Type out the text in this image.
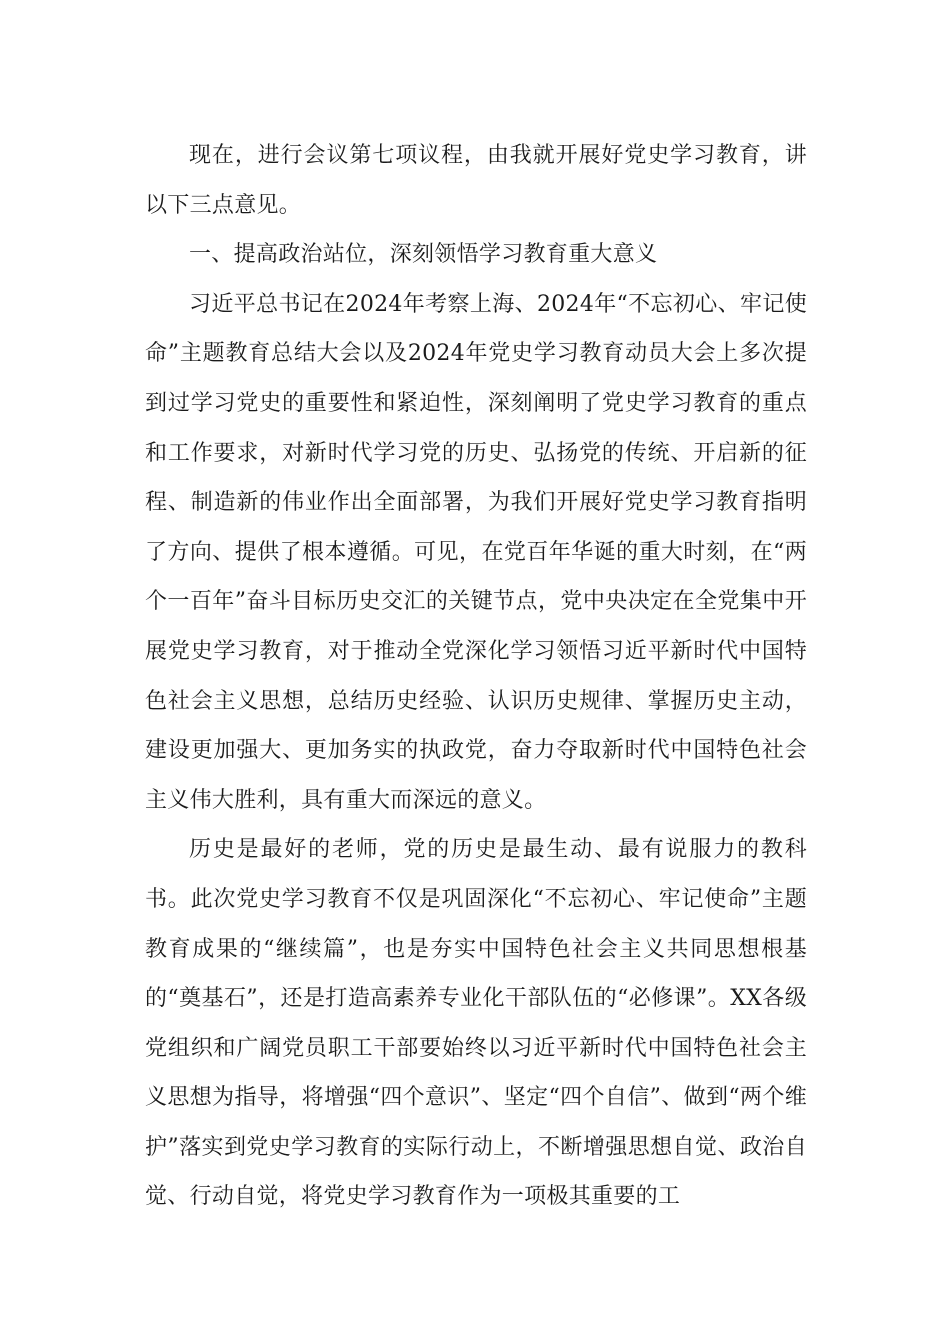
现在，进行会议第七项议程，由我就开展好党史学习教育，讲以下三点意见。

一、提高政治站位，深刻领悟学习教育重大意义

习近平总书记在2024年考察上海、2024年“不忘初心、牢记使命”主题教育总结大会以及2024年党史学习教育动员大会上多次提到过学习党史的重要性和紧迫性，深刻阐明了党史学习教育的重点和工作要求，对新时代学习党的历史、弘扬党的传统、开启新的征程、制造新的伟业作出全面部署，为我们开展好党史学习教育指明了方向、提供了根本遵循。可见，在党百年华诞的重大时刻，在“两个一百年”奋斗目标历史交汇的关键节点，党中央决定在全党集中开展党史学习教育，对于推动全党深化学习领悟习近平新时代中国特色社会主义思想，总结历史经验、认识历史规律、掌握历史主动，建设更加强大、更加务实的执政党，奋力夺取新时代中国特色社会主义伟大胜利，具有重大而深远的意义。

历史是最好的老师，党的历史是最生动、最有说服力的教科书。此次党史学习教育不仅是巩固深化“不忘初心、牢记使命”主题教育成果的“继续篇”，也是夯实中国特色社会主义共同思想根基的“奠基石”，还是打造高素养专业化干部队伍的“必修课”。XX各级党组织和广阔党员职工干部要始终以习近平新时代中国特色社会主义思想为指导，将增强“四个意识”、坚定“四个自信”、做到“两个维护”落实到党史学习教育的实际行动上，不断增强思想自觉、政治自觉、行动自觉，将党史学习教育作为一项极其重要的工
